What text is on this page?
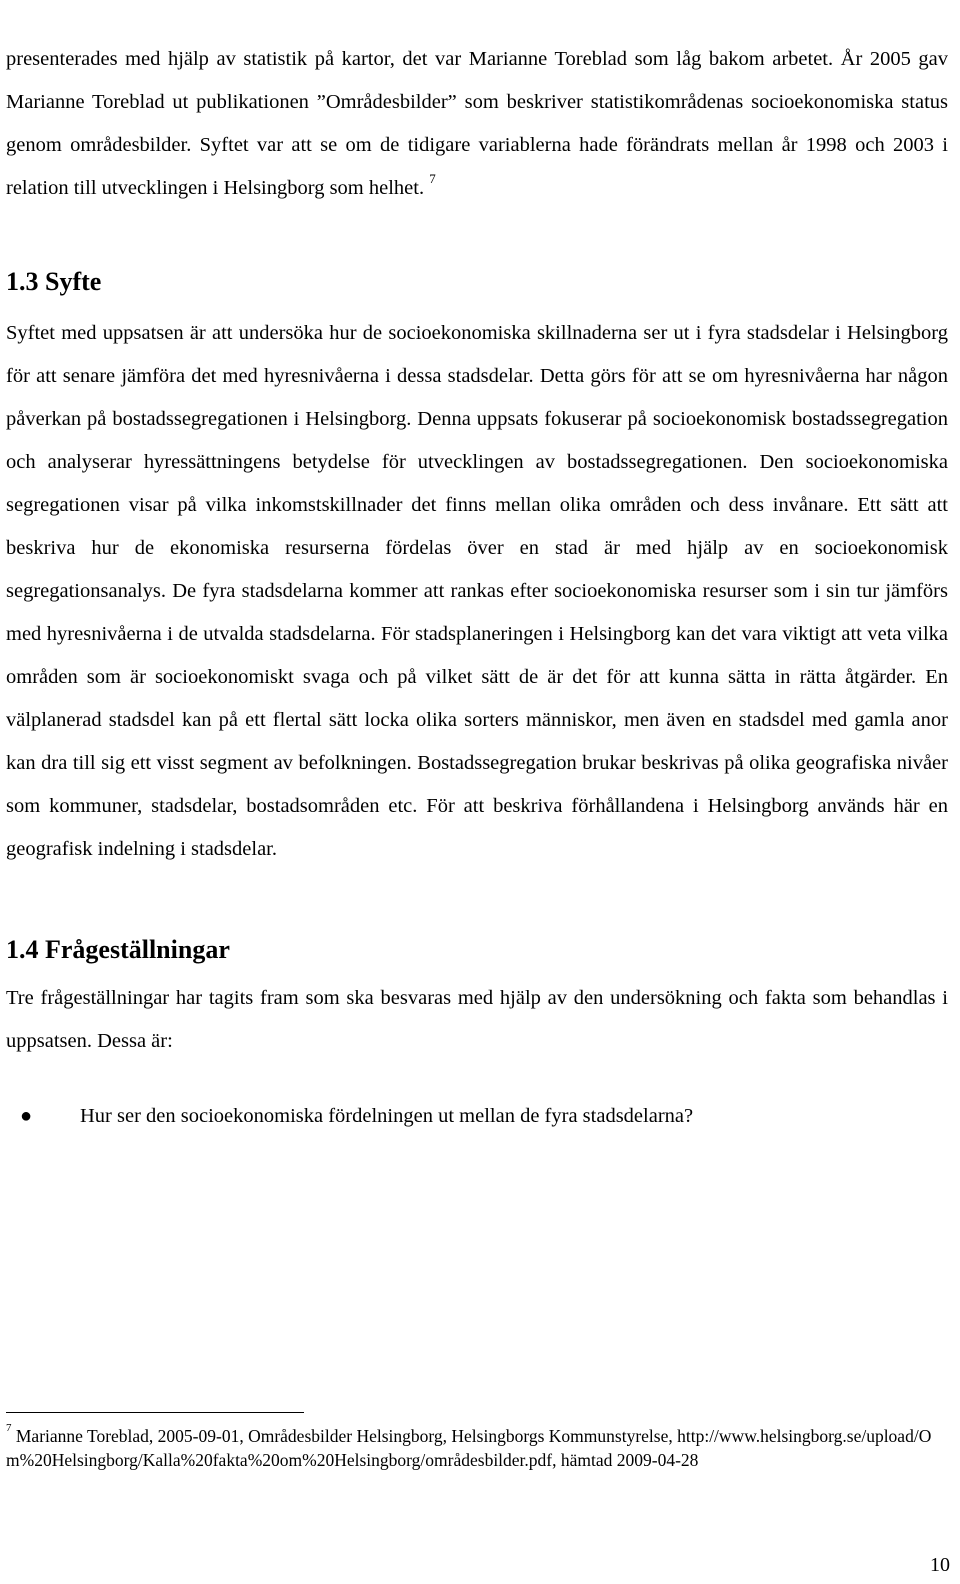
presenterades med hjälp av statistik på kartor, det var Marianne Toreblad som låg bakom arbetet. År 2005 gav Marianne Toreblad ut publikationen ”Områdesbilder” som beskriver statistikområdenas socioekonomiska status genom områdesbilder. Syftet var att se om de tidigare variablerna hade förändrats mellan år 1998 och 2003 i relation till utvecklingen i Helsingborg som helhet. $^7$

1.3 Syfte

Syftet med uppsatsen är att undersöka hur de socioekonomiska skillnaderna ser ut i fyra stadsdelar i Helsingborg för att senare jämföra det med hyresnivåerna i dessa stadsdelar. Detta görs för att se om hyresnivåerna har någon påverkan på bostadssegregationen i Helsingborg. Denna uppsats fokuserar på socioekonomisk bostadssegregation och analyserar hyressättningens betydelse för utvecklingen av bostadssegregationen. Den socioekonomiska segregationen visar på vilka inkomstskillnader det finns mellan olika områden och dess invånare. Ett sätt att beskriva hur de ekonomiska resurserna fördelas över en stad är med hjälp av en socioekonomisk segregationsanalys. De fyra stadsdelarna kommer att rankas efter socioekonomiska resurser som i sin tur jämförs med hyresnivåerna i de utvalda stadsdelarna. För stadsplaneringen i Helsingborg kan det vara viktigt att veta vilka områden som är socioekonomiskt svaga och på vilket sätt de är det för att kunna sätta in rätta åtgärder. En välplanerad stadsdel kan på ett flertal sätt locka olika sorters människor, men även en stadsdel med gamla anor kan dra till sig ett visst segment av befolkningen. Bostadssegregation brukar beskrivas på olika geografiska nivåer som kommuner, stadsdelar, bostadsområden etc. För att beskriva förhållandena i Helsingborg används här en geografisk indelning i stadsdelar.

1.4 Frågeställningar

Tre frågeställningar har tagits fram som ska besvaras med hjälp av den undersökning och fakta som behandlas i uppsatsen. Dessa är:

● Hur ser den socioekonomiska fördelningen ut mellan de fyra stadsdelarna?

$^7$ Marianne Toreblad, 2005-09-01, Områdesbilder Helsingborg, Helsingborgs Kommunstyrelse, http://www.helsingborg.se/upload/Om%20Helsingborg/Kalla%20fakta%20om%20Helsingborg/områdesbilder.pdf, hämtad 2009-04-28

10
